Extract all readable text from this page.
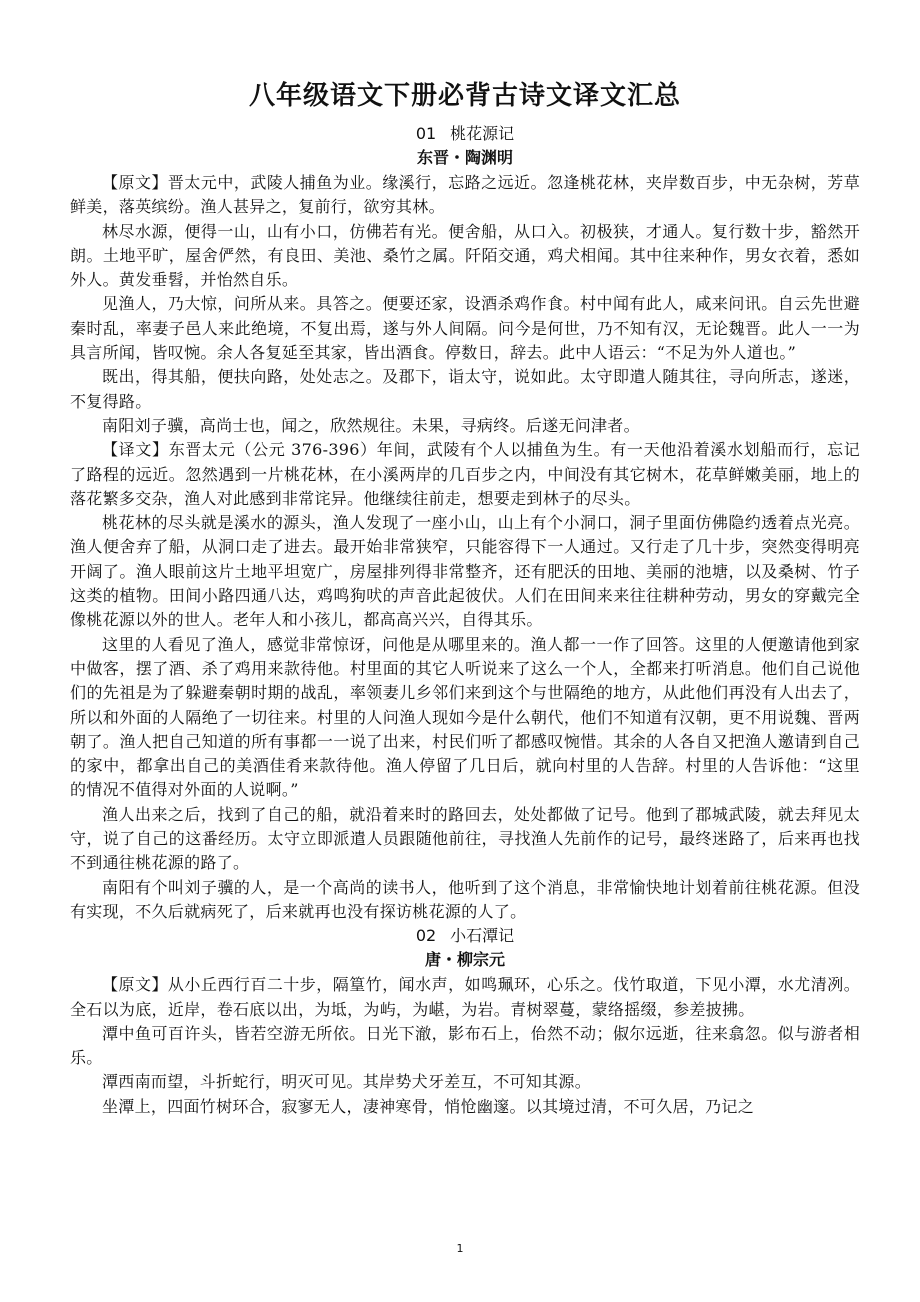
八年级语文下册必背古诗文译文汇总
01 桃花源记
东晋・陶渊明

【原文】晋太元中，武陵人捕鱼为业。缘溪行，忘路之远近。忽逢桃花林，夹岸数百步，中无杂树，芳草鲜美，落英缤纷。渔人甚异之，复前行，欲穷其林。

林尽水源，便得一山，山有小口，仿佛若有光。便舍船，从口入。初极狭，才通人。复行数十步，豁然开朗。土地平旷，屋舍俨然，有良田、美池、桑竹之属。阡陌交通，鸡犬相闻。其中往来种作，男女衣着，悉如外人。黄发垂髫，并怡然自乐。

见渔人，乃大惊，问所从来。具答之。便要还家，设酒杀鸡作食。村中闻有此人，咸来问讯。自云先世避秦时乱，率妻子邑人来此绝境，不复出焉，遂与外人间隔。问今是何世，乃不知有汉，无论魏晋。此人一一为具言所闻，皆叹惋。余人各复延至其家，皆出酒食。停数日，辞去。此中人语云：“不足为外人道也。”

既出，得其船，便扶向路，处处志之。及郡下，诣太守，说如此。太守即遣人随其往，寻向所志，遂迷，不复得路。

南阳刘子骥，高尚士也，闻之，欣然规往。未果，寻病终。后遂无问津者。

【译文】东晋太元（公元 376-396）年间，武陵有个人以捕鱼为生。有一天他沿着溪水划船而行，忘记了路程的远近。忽然遇到一片桃花林，在小溪两岸的几百步之内，中间没有其它树木，花草鲜嫩美丽，地上的落花繁多交杂，渔人对此感到非常诧异。他继续往前走，想要走到林子的尽头。

桃花林的尽头就是溪水的源头，渔人发现了一座小山，山上有个小洞口，洞子里面仿佛隐约透着点光亮。渔人便舍弃了船，从洞口走了进去。最开始非常狭窄，只能容得下一人通过。又行走了几十步，突然变得明亮开阔了。渔人眼前这片土地平坦宽广，房屋排列得非常整齐，还有肥沃的田地、美丽的池塘，以及桑树、竹子这类的植物。田间小路四通八达，鸡鸣狗吠的声音此起彼伏。人们在田间来来往往耕种劳动，男女的穿戴完全像桃花源以外的世人。老年人和小孩儿，都高高兴兴，自得其乐。

这里的人看见了渔人，感觉非常惊讶，问他是从哪里来的。渔人都一一作了回答。这里的人便邀请他到家中做客，摆了酒、杀了鸡用来款待他。村里面的其它人听说来了这么一个人，全都来打听消息。他们自己说他们的先祖是为了躲避秦朝时期的战乱，率领妻儿乡邻们来到这个与世隔绝的地方，从此他们再没有人出去了，所以和外面的人隔绝了一切往来。村里的人问渔人现如今是什么朝代，他们不知道有汉朝，更不用说魏、晋两朝了。渔人把自己知道的所有事都一一说了出来，村民们听了都感叹惋惜。其余的人各自又把渔人邀请到自己的家中，都拿出自己的美酒佳肴来款待他。渔人停留了几日后，就向村里的人告辞。村里的人告诉他：“这里的情况不值得对外面的人说啊。”

渔人出来之后，找到了自己的船，就沿着来时的路回去，处处都做了记号。他到了郡城武陵，就去拜见太守，说了自己的这番经历。太守立即派遣人员跟随他前往，寻找渔人先前作的记号，最终迷路了，后来再也找不到通往桃花源的路了。

南阳有个叫刘子骥的人，是一个高尚的读书人，他听到了这个消息，非常愉快地计划着前往桃花源。但没有实现，不久后就病死了，后来就再也没有探访桃花源的人了。

02 小石潭记
唐・柳宗元

【原文】从小丘西行百二十步，隔篁竹，闻水声，如鸣珮环，心乐之。伐竹取道，下见小潭，水尤清冽。全石以为底，近岸，卷石底以出，为坻，为屿，为嵁，为岩。青树翠蔓，蒙络摇缀，参差披拂。

潭中鱼可百许头，皆若空游无所依。日光下澈，影布石上，佁然不动；俶尔远逝，往来翕忽。似与游者相乐。

潭西南而望，斗折蛇行，明灭可见。其岸势犬牙差互，不可知其源。

坐潭上，四面竹树环合，寂寥无人，凄神寒骨，悄怆幽邃。以其境过清，不可久居，乃记之

1
